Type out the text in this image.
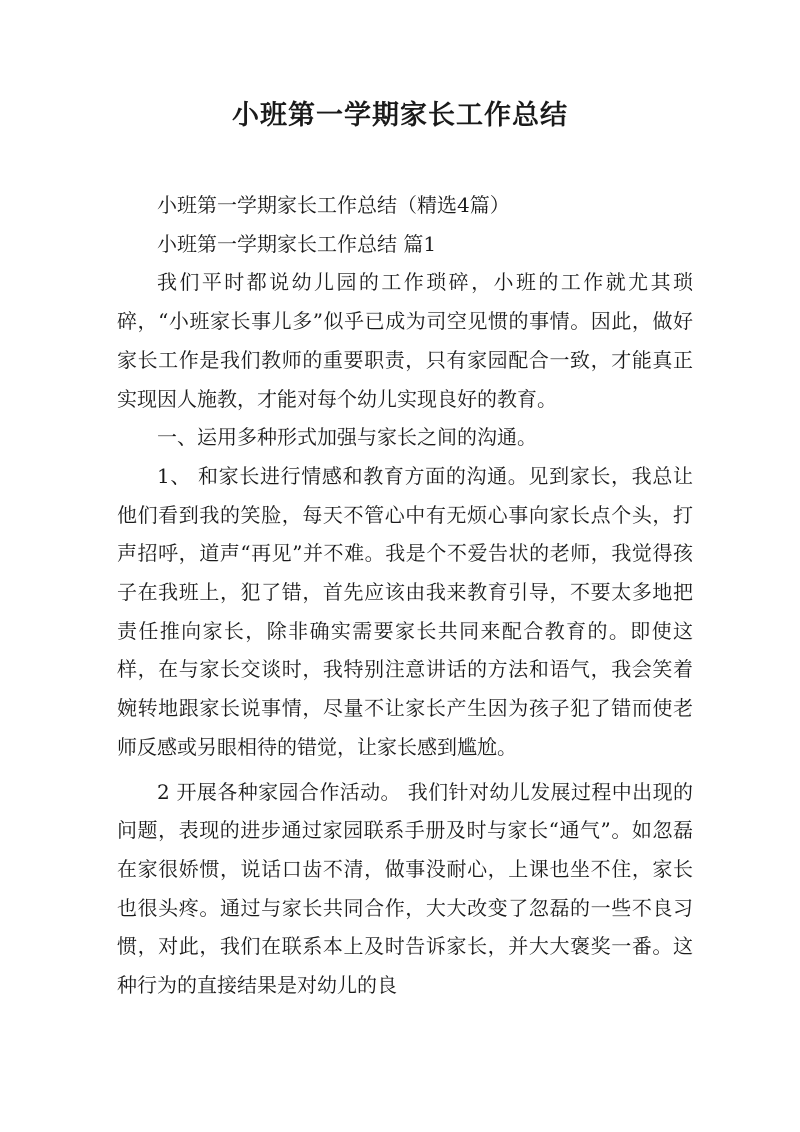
小班第一学期家长工作总结

小班第一学期家长工作总结（精选4篇）

小班第一学期家长工作总结 篇1

我们平时都说幼儿园的工作琐碎，小班的工作就尤其琐碎，“小班家长事儿多”似乎已成为司空见惯的事情。因此，做好家长工作是我们教师的重要职责，只有家园配合一致，才能真正实现因人施教，才能对每个幼儿实现良好的教育。

一、运用多种形式加强与家长之间的沟通。

1、 和家长进行情感和教育方面的沟通。见到家长，我总让他们看到我的笑脸，每天不管心中有无烦心事向家长点个头，打声招呼，道声“再见”并不难。我是个不爱告状的老师，我觉得孩子在我班上，犯了错，首先应该由我来教育引导，不要太多地把责任推向家长，除非确实需要家长共同来配合教育的。即使这样，在与家长交谈时，我特别注意讲话的方法和语气，我会笑着婉转地跟家长说事情，尽量不让家长产生因为孩子犯了错而使老师反感或另眼相待的错觉，让家长感到尴尬。

2 开展各种家园合作活动。 我们针对幼儿发展过程中出现的问题，表现的进步通过家园联系手册及时与家长“通气”。如忽磊在家很娇惯，说话口齿不清，做事没耐心，上课也坐不住，家长也很头疼。通过与家长共同合作，大大改变了忽磊的一些不良习惯，对此，我们在联系本上及时告诉家长，并大大褒奖一番。这种行为的直接结果是对幼儿的良
